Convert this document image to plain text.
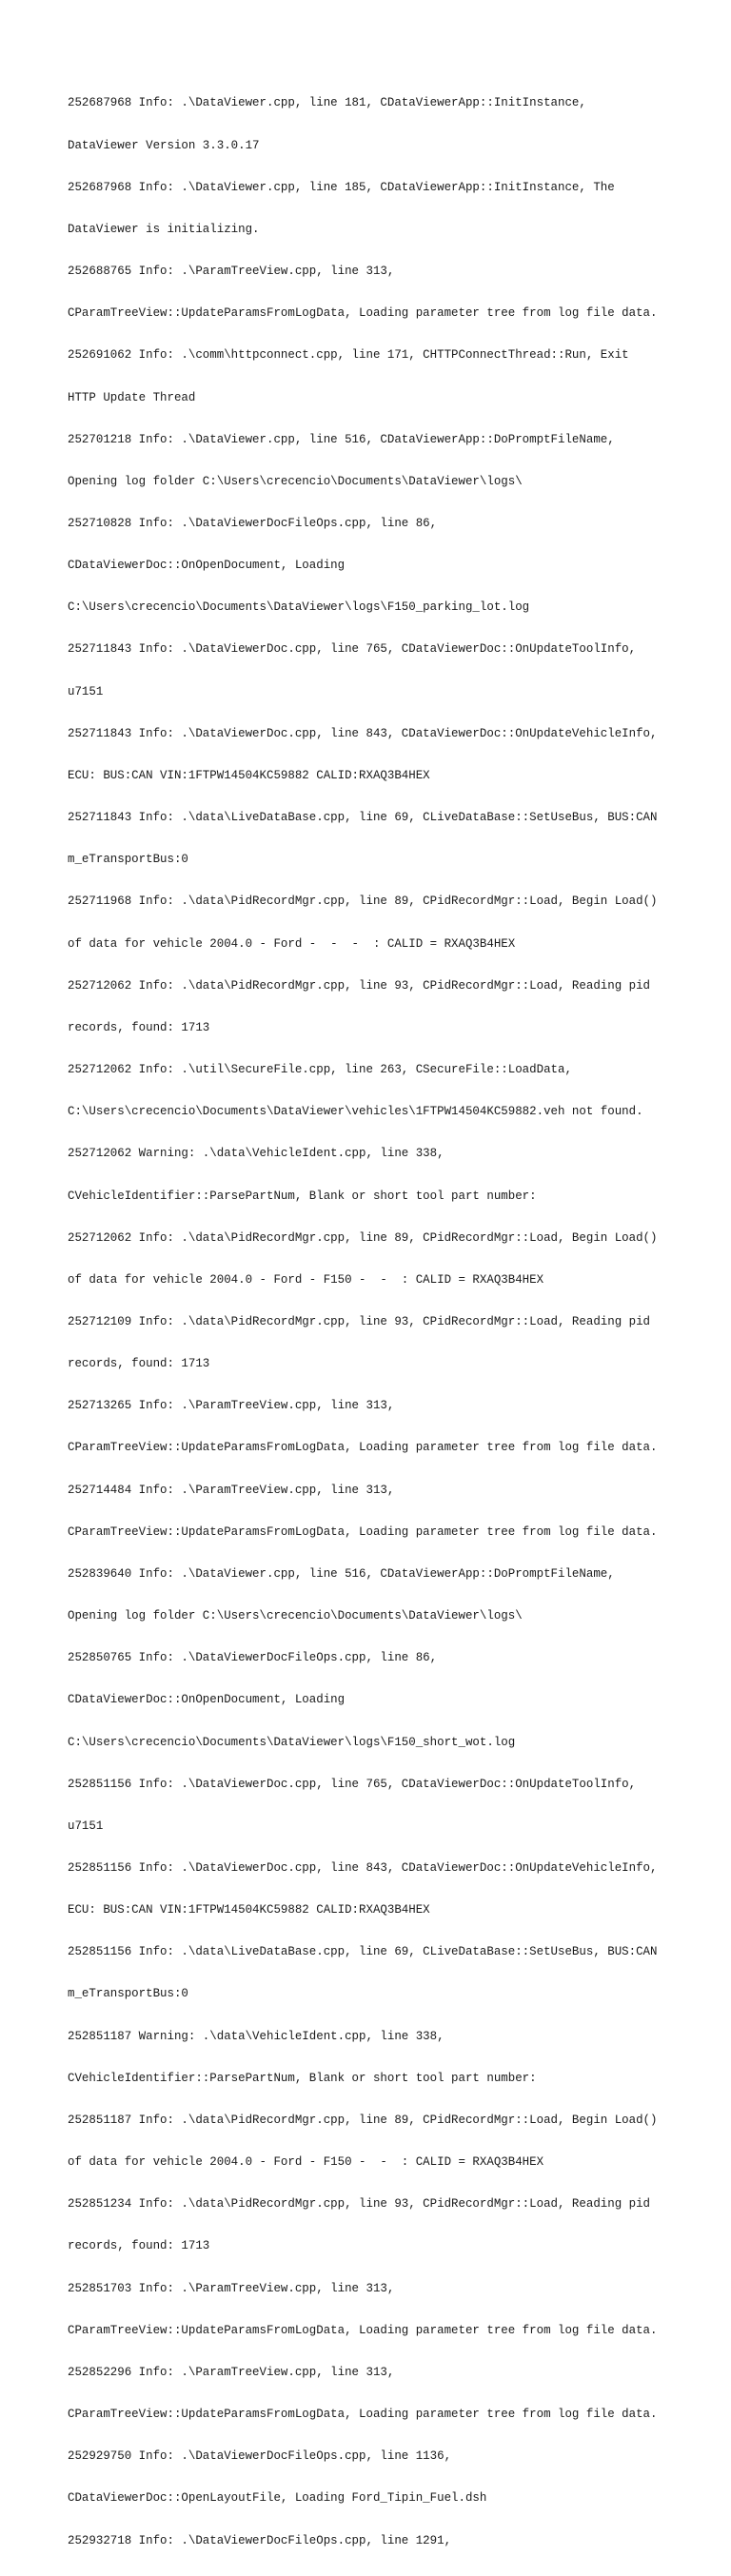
252687968 Info: .\DataViewer.cpp, line 181, CDataViewerApp::InitInstance,

DataViewer Version 3.3.0.17

252687968 Info: .\DataViewer.cpp, line 185, CDataViewerApp::InitInstance, The

DataViewer is initializing.

252688765 Info: .\ParamTreeView.cpp, line 313,

CParamTreeView::UpdateParamsFromLogData, Loading parameter tree from log file data.

252691062 Info: .\comm\httpconnect.cpp, line 171, CHTTPConnectThread::Run, Exit

HTTP Update Thread

252701218 Info: .\DataViewer.cpp, line 516, CDataViewerApp::DoPromptFileName,

Opening log folder C:\Users\crecencio\Documents\DataViewer\logs\

252710828 Info: .\DataViewerDocFileOps.cpp, line 86,

CDataViewerDoc::OnOpenDocument, Loading

C:\Users\crecencio\Documents\DataViewer\logs\F150_parking_lot.log

252711843 Info: .\DataViewerDoc.cpp, line 765, CDataViewerDoc::OnUpdateToolInfo,

u7151

252711843 Info: .\DataViewerDoc.cpp, line 843, CDataViewerDoc::OnUpdateVehicleInfo,

ECU: BUS:CAN VIN:1FTPW14504KC59882 CALID:RXAQ3B4HEX

252711843 Info: .\data\LiveDataBase.cpp, line 69, CLiveDataBase::SetUseBus, BUS:CAN

m_eTransportBus:0

252711968 Info: .\data\PidRecordMgr.cpp, line 89, CPidRecordMgr::Load, Begin Load()

of data for vehicle 2004.0 - Ford -  -  -  : CALID = RXAQ3B4HEX

252712062 Info: .\data\PidRecordMgr.cpp, line 93, CPidRecordMgr::Load, Reading pid

records, found: 1713

252712062 Info: .\util\SecureFile.cpp, line 263, CSecureFile::LoadData,

C:\Users\crecencio\Documents\DataViewer\vehicles\1FTPW14504KC59882.veh not found.

252712062 Warning: .\data\VehicleIdent.cpp, line 338,

CVehicleIdentifier::ParsePartNum, Blank or short tool part number:

252712062 Info: .\data\PidRecordMgr.cpp, line 89, CPidRecordMgr::Load, Begin Load()

of data for vehicle 2004.0 - Ford - F150 -  -  : CALID = RXAQ3B4HEX

252712109 Info: .\data\PidRecordMgr.cpp, line 93, CPidRecordMgr::Load, Reading pid

records, found: 1713

252713265 Info: .\ParamTreeView.cpp, line 313,

CParamTreeView::UpdateParamsFromLogData, Loading parameter tree from log file data.

252714484 Info: .\ParamTreeView.cpp, line 313,

CParamTreeView::UpdateParamsFromLogData, Loading parameter tree from log file data.

252839640 Info: .\DataViewer.cpp, line 516, CDataViewerApp::DoPromptFileName,

Opening log folder C:\Users\crecencio\Documents\DataViewer\logs\

252850765 Info: .\DataViewerDocFileOps.cpp, line 86,

CDataViewerDoc::OnOpenDocument, Loading

C:\Users\crecencio\Documents\DataViewer\logs\F150_short_wot.log

252851156 Info: .\DataViewerDoc.cpp, line 765, CDataViewerDoc::OnUpdateToolInfo,

u7151

252851156 Info: .\DataViewerDoc.cpp, line 843, CDataViewerDoc::OnUpdateVehicleInfo,

ECU: BUS:CAN VIN:1FTPW14504KC59882 CALID:RXAQ3B4HEX

252851156 Info: .\data\LiveDataBase.cpp, line 69, CLiveDataBase::SetUseBus, BUS:CAN

m_eTransportBus:0

252851187 Warning: .\data\VehicleIdent.cpp, line 338,

CVehicleIdentifier::ParsePartNum, Blank or short tool part number:

252851187 Info: .\data\PidRecordMgr.cpp, line 89, CPidRecordMgr::Load, Begin Load()

of data for vehicle 2004.0 - Ford - F150 -  -  : CALID = RXAQ3B4HEX

252851234 Info: .\data\PidRecordMgr.cpp, line 93, CPidRecordMgr::Load, Reading pid

records, found: 1713

252851703 Info: .\ParamTreeView.cpp, line 313,

CParamTreeView::UpdateParamsFromLogData, Loading parameter tree from log file data.

252852296 Info: .\ParamTreeView.cpp, line 313,

CParamTreeView::UpdateParamsFromLogData, Loading parameter tree from log file data.

252929750 Info: .\DataViewerDocFileOps.cpp, line 1136,

CDataViewerDoc::OpenLayoutFile, Loading Ford_Tipin_Fuel.dsh

252932718 Info: .\DataViewerDocFileOps.cpp, line 1291,
